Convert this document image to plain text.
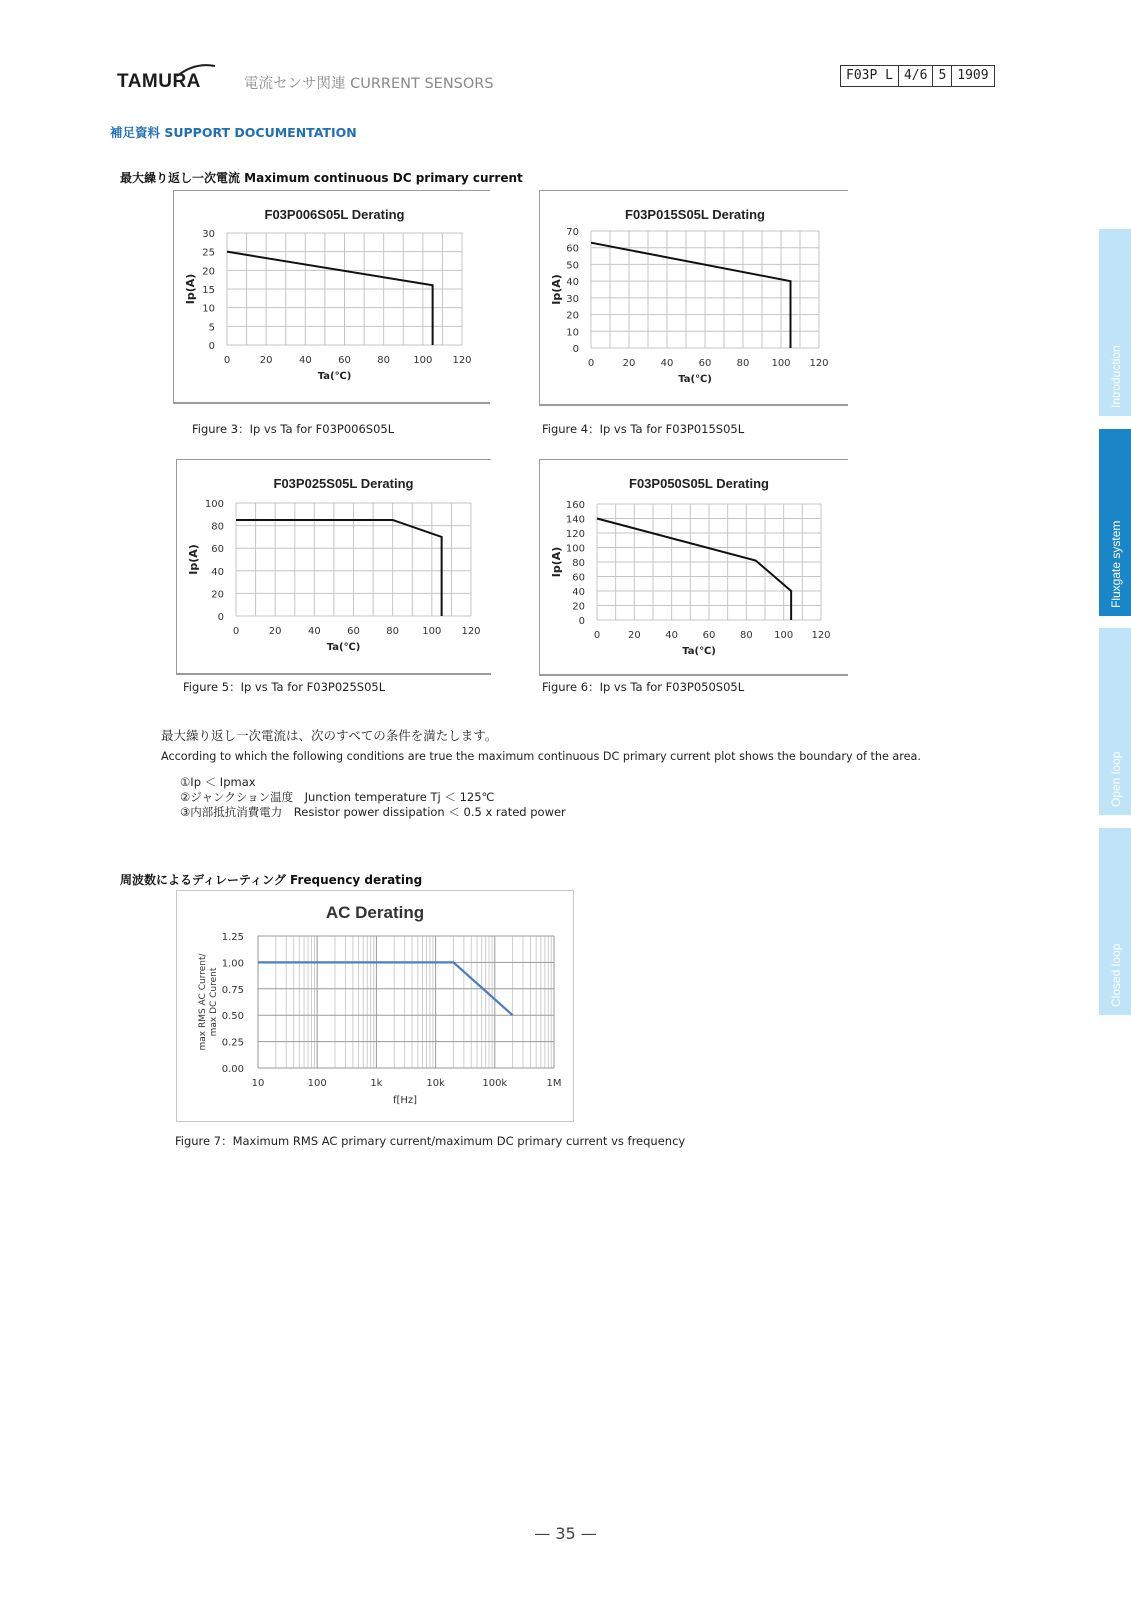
TAMURA	電流センサ関連 CURRENT SENSORS
F03P L 4/6 5 1909
補足資料 SUPPORT DOCUMENTATION
最大繰り返し一次電流 Maximum continuous DC primary current
0
5
10
15
20
25
30
0	20	40	60	80 100 120
F03P006S05L Derating
Ta(℃)
Ip(A)
0
10
20
30
40
50
60
70
0	20	40	60	80 100 120
F03P015S05L Derating
Ta(℃)
Ip(A)
Figure 3：Ip vs Ta for F03P006S05L	Figure 4：Ip vs Ta for F03P015S05L
0
20
40
60
80
100
0	20	40	60	80 100 120
F03P025S05L Derating
Ta(℃)
Ip(A)
0
20
40
60
80
100
120
140
160
0	20 40 60 80 100 120
F03P050S05L Derating
Ta(℃)
Ip(A)
Figure 5：Ip vs Ta for F03P025S05L	Figure 6：Ip vs Ta for F03P050S05L
最大繰り返し一次電流は、次のすべての条件を満たします。
According to which the following conditions are true the maximum continuous DC primary current plot shows the boundary of the area.
①Ip ＜ Ipmax
②ジャンクション温度　Junction temperature Tj ＜ 125℃
③内部抵抗消費電力　Resistor power dissipation ＜ 0.5 x rated power
周波数によるディレーティング Frequency derating
0.00
0.25
0.50
0.75
1.00
1.25
10	100	1k	10k	100k	1M
AC Derating
f[Hz]
max RMS AC Current/max DC Curent
Figure 7：Maximum RMS AC primary current/maximum DC primary current vs frequency
Introduction
Fluxgate system
Open loop
Closed loop
— 35 —
